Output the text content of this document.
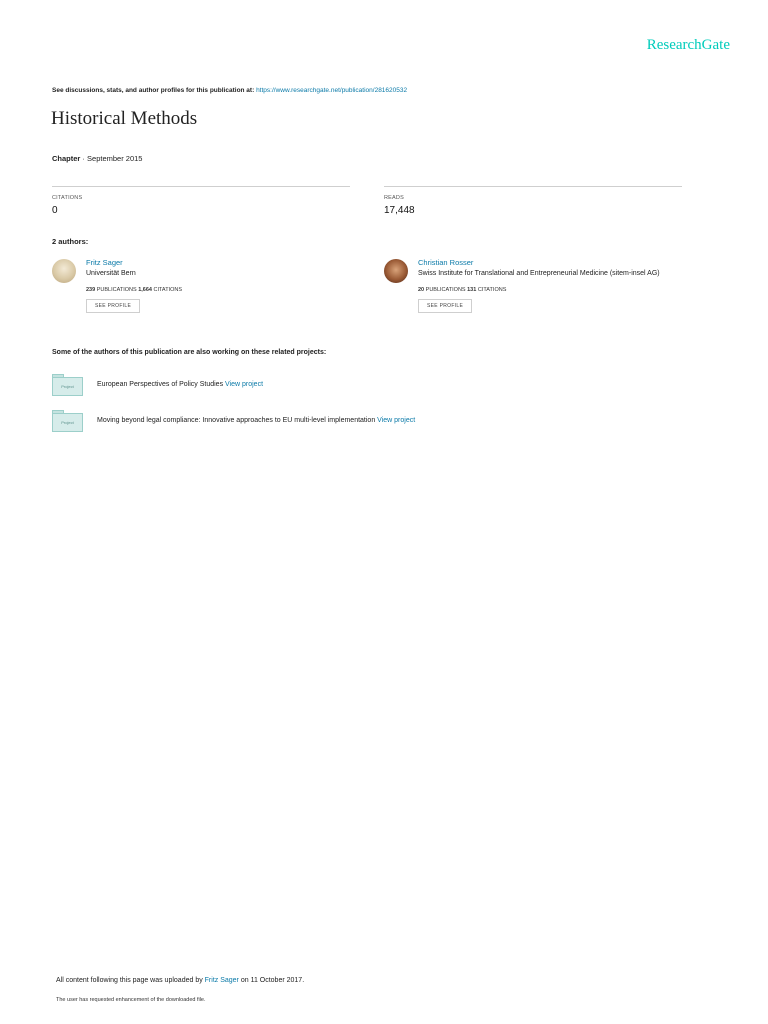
ResearchGate
See discussions, stats, and author profiles for this publication at: https://www.researchgate.net/publication/281620532
Historical Methods
Chapter · September 2015
CITATIONS
0
READS
17,448
2 authors:
Fritz Sager
Universität Bern
239 PUBLICATIONS 1,664 CITATIONS
SEE PROFILE
Christian Rosser
Swiss Institute for Translational and Entrepreneurial Medicine (sitem-insel AG)
20 PUBLICATIONS 131 CITATIONS
SEE PROFILE
Some of the authors of this publication are also working on these related projects:
Project	European Perspectives of Policy Studies View project
Project	Moving beyond legal compliance: Innovative approaches to EU multi-level implementation View project
All content following this page was uploaded by Fritz Sager on 11 October 2017.
The user has requested enhancement of the downloaded file.
